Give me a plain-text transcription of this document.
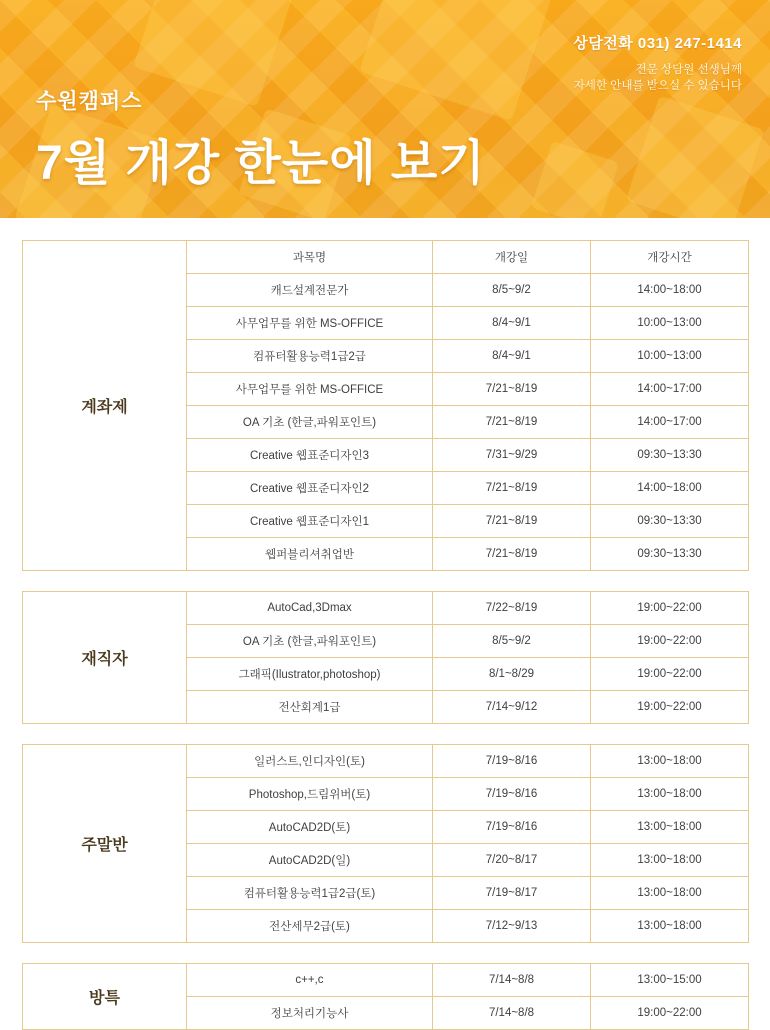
상담전화 031) 247-1414
전문 상담원 선생님께
자세한 안내를 받으실 수 있습니다
수원캠퍼스
7월 개강 한눈에 보기
계좌제	과목명	개강일	개강시간
	캐드설계전문가	8/5~9/2	14:00~18:00
	사무업무를 위한 MS-OFFICE	8/4~9/1	10:00~13:00
	컴퓨터활용능력1급2급	8/4~9/1	10:00~13:00
	사무업무를 위한 MS-OFFICE	7/21~8/19	14:00~17:00
	OA 기초 (한글,파워포인트)	7/21~8/19	14:00~17:00
	Creative 웹표준디자인3	7/31~9/29	09:30~13:30
	Creative 웹표준디자인2	7/21~8/19	14:00~18:00
	Creative 웹표준디자인1	7/21~8/19	09:30~13:30
	웹퍼블리셔취업반	7/21~8/19	09:30~13:30
재직자	AutoCad,3Dmax	7/22~8/19	19:00~22:00
	OA 기초 (한글,파워포인트)	8/5~9/2	19:00~22:00
	그래픽(Ilustrator,photoshop)	8/1~8/29	19:00~22:00
	전산회계1급	7/14~9/12	19:00~22:00
주말반	일러스트,인디자인(토)	7/19~8/16	13:00~18:00
	Photoshop,드림위버(토)	7/19~8/16	13:00~18:00
	AutoCAD2D(토)	7/19~8/16	13:00~18:00
	AutoCAD2D(일)	7/20~8/17	13:00~18:00
	컴퓨터활용능력1급2급(토)	7/19~8/17	13:00~18:00
	전산세무2급(토)	7/12~9/13	13:00~18:00
방특	c++,c	7/14~8/8	13:00~15:00
	정보처리기능사	7/14~8/8	19:00~22:00
